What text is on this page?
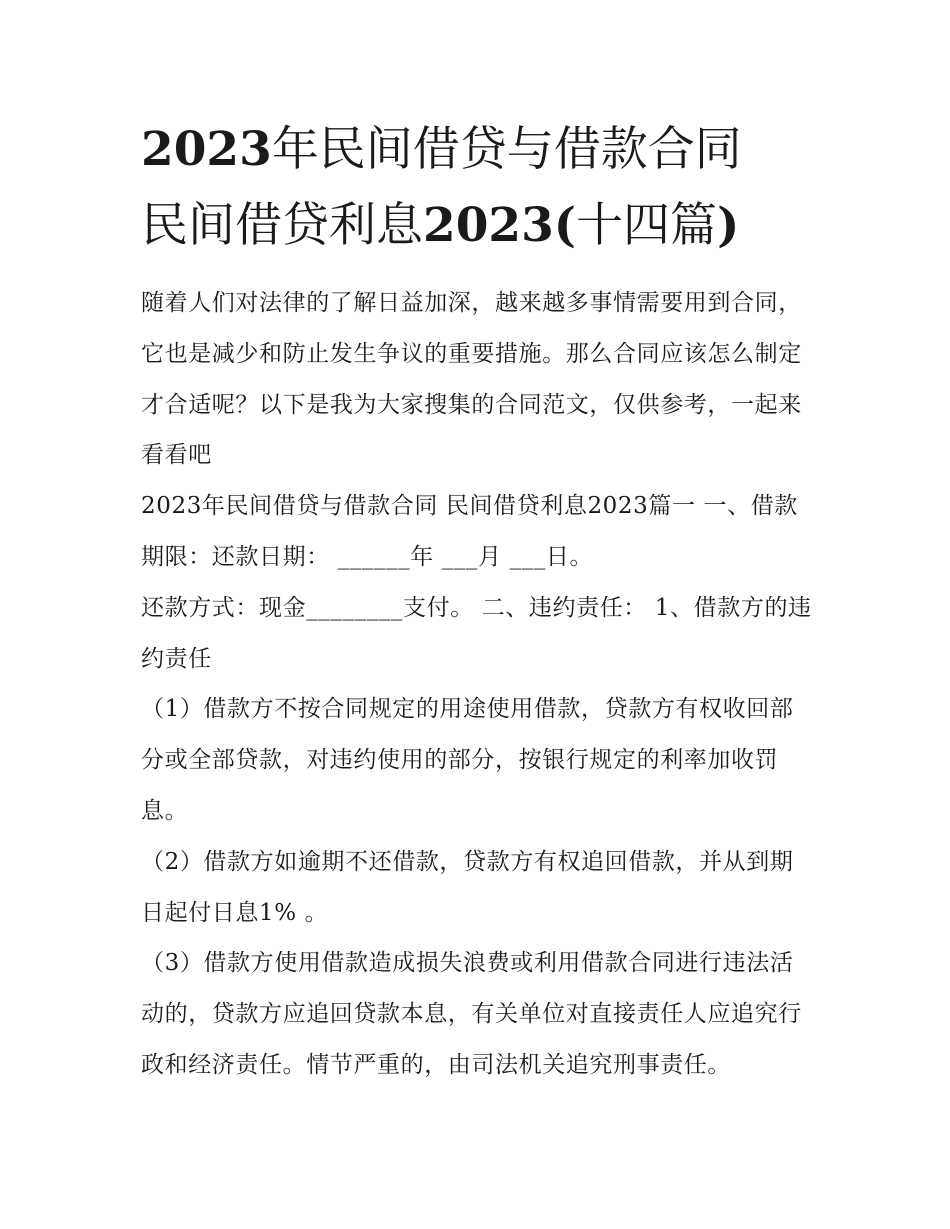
2023年民间借贷与借款合同
民间借贷利息2023(十四篇)

随着人们对法律的了解日益加深，越来越多事情需要用到合同，它也是减少和防止发生争议的重要措施。那么合同应该怎么制定才合适呢？以下是我为大家搜集的合同范文，仅供参考，一起来看看吧

2023年民间借贷与借款合同 民间借贷利息2023篇一 一、借款期限：还款日期： ______年 ___月 ___日。

还款方式：现金________支付。 二、违约责任： 1、借款方的违约责任

（1）借款方不按合同规定的用途使用借款，贷款方有权收回部分或全部贷款，对违约使用的部分，按银行规定的利率加收罚息。

（2）借款方如逾期不还借款，贷款方有权追回借款，并从到期日起付日息1% 。

（3）借款方使用借款造成损失浪费或利用借款合同进行违法活动的，贷款方应追回贷款本息，有关单位对直接责任人应追究行政和经济责任。情节严重的，由司法机关追究刑事责任。
